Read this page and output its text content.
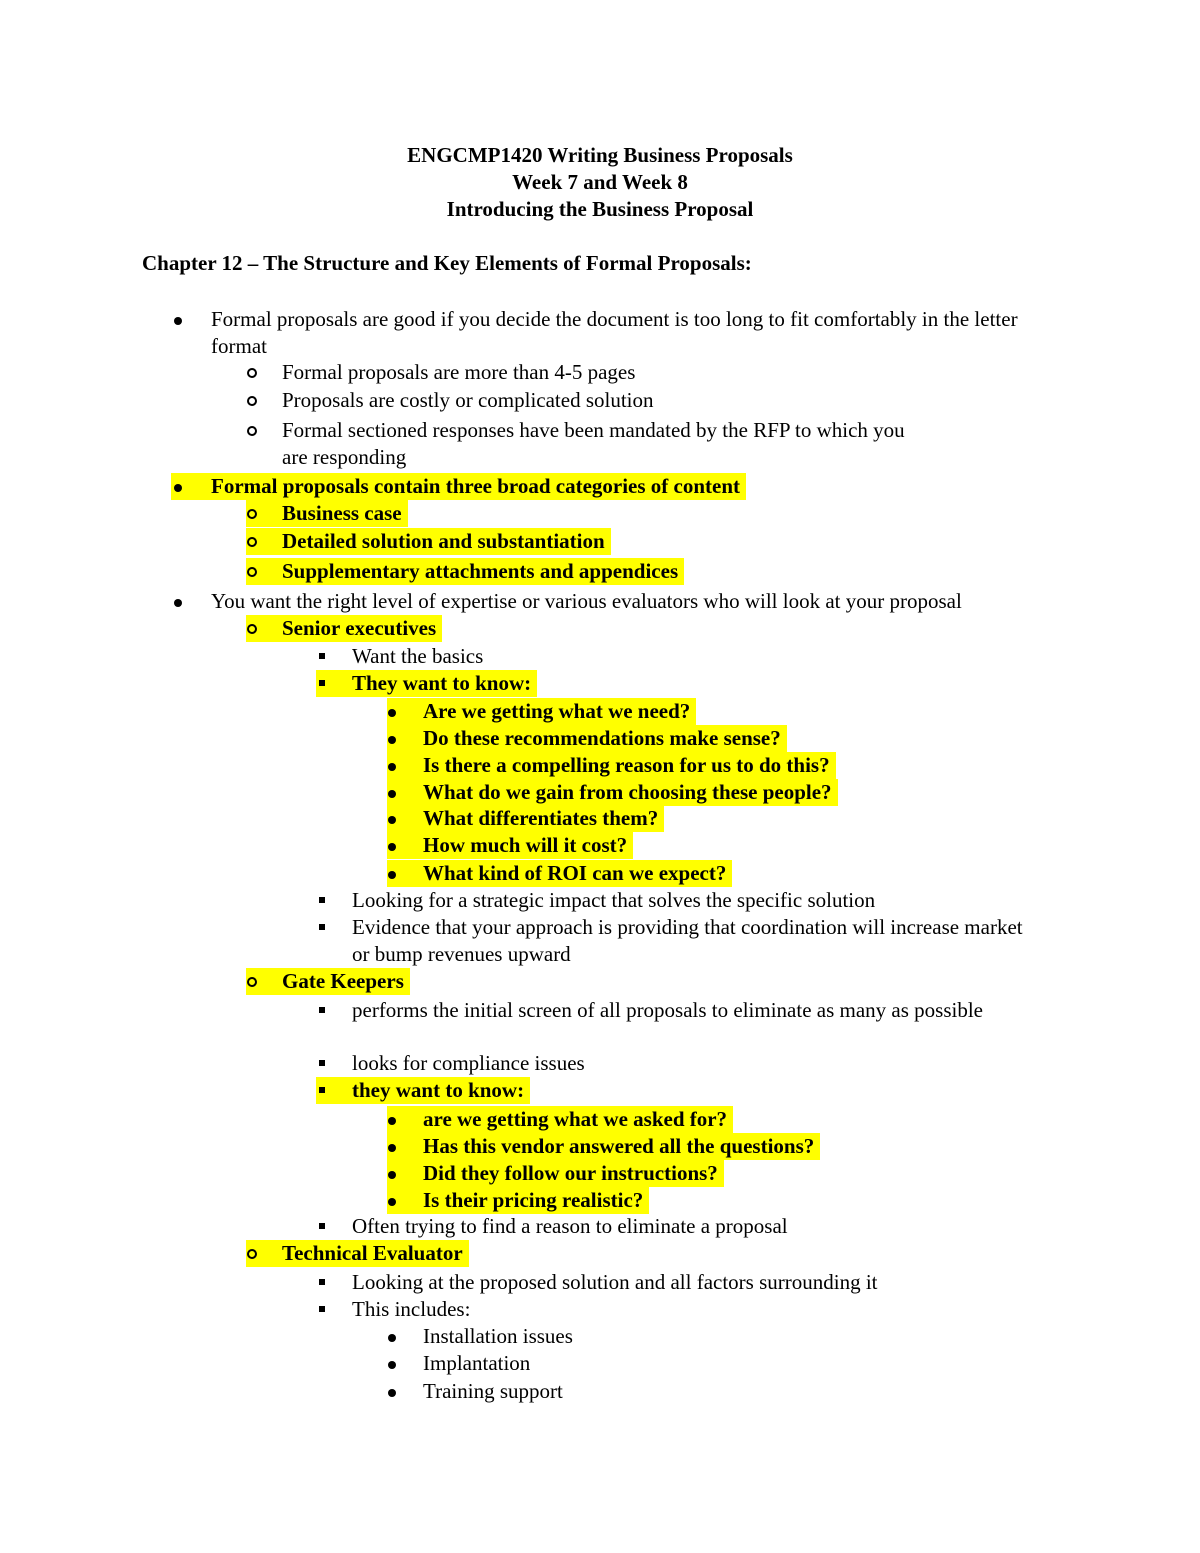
ENGCMP1420 Writing Business Proposals
Week 7 and Week 8
Introducing the Business Proposal
Chapter 12 – The Structure and Key Elements of Formal Proposals:
Formal proposals are good if you decide the document is too long to fit comfortably in the letter format
Formal proposals are more than 4-5 pages
Proposals are costly or complicated solution
Formal sectioned responses have been mandated by the RFP to which you are responding
Formal proposals contain three broad categories of content
Business case
Detailed solution and substantiation
Supplementary attachments and appendices
You want the right level of expertise or various evaluators who will look at your proposal
Senior executives
Want the basics
They want to know:
Are we getting what we need?
Do these recommendations make sense?
Is there a compelling reason for us to do this?
What do we gain from choosing these people?
What differentiates them?
How much will it cost?
What kind of ROI can we expect?
Looking for a strategic impact that solves the specific solution
Evidence that your approach is providing that coordination will increase market or bump revenues upward
Gate Keepers
performs the initial screen of all proposals to eliminate as many as possible
looks for compliance issues
they want to know:
are we getting what we asked for?
Has this vendor answered all the questions?
Did they follow our instructions?
Is their pricing realistic?
Often trying to find a reason to eliminate a proposal
Technical Evaluator
Looking at the proposed solution and all factors surrounding it
This includes:
Installation issues
Implantation
Training support
